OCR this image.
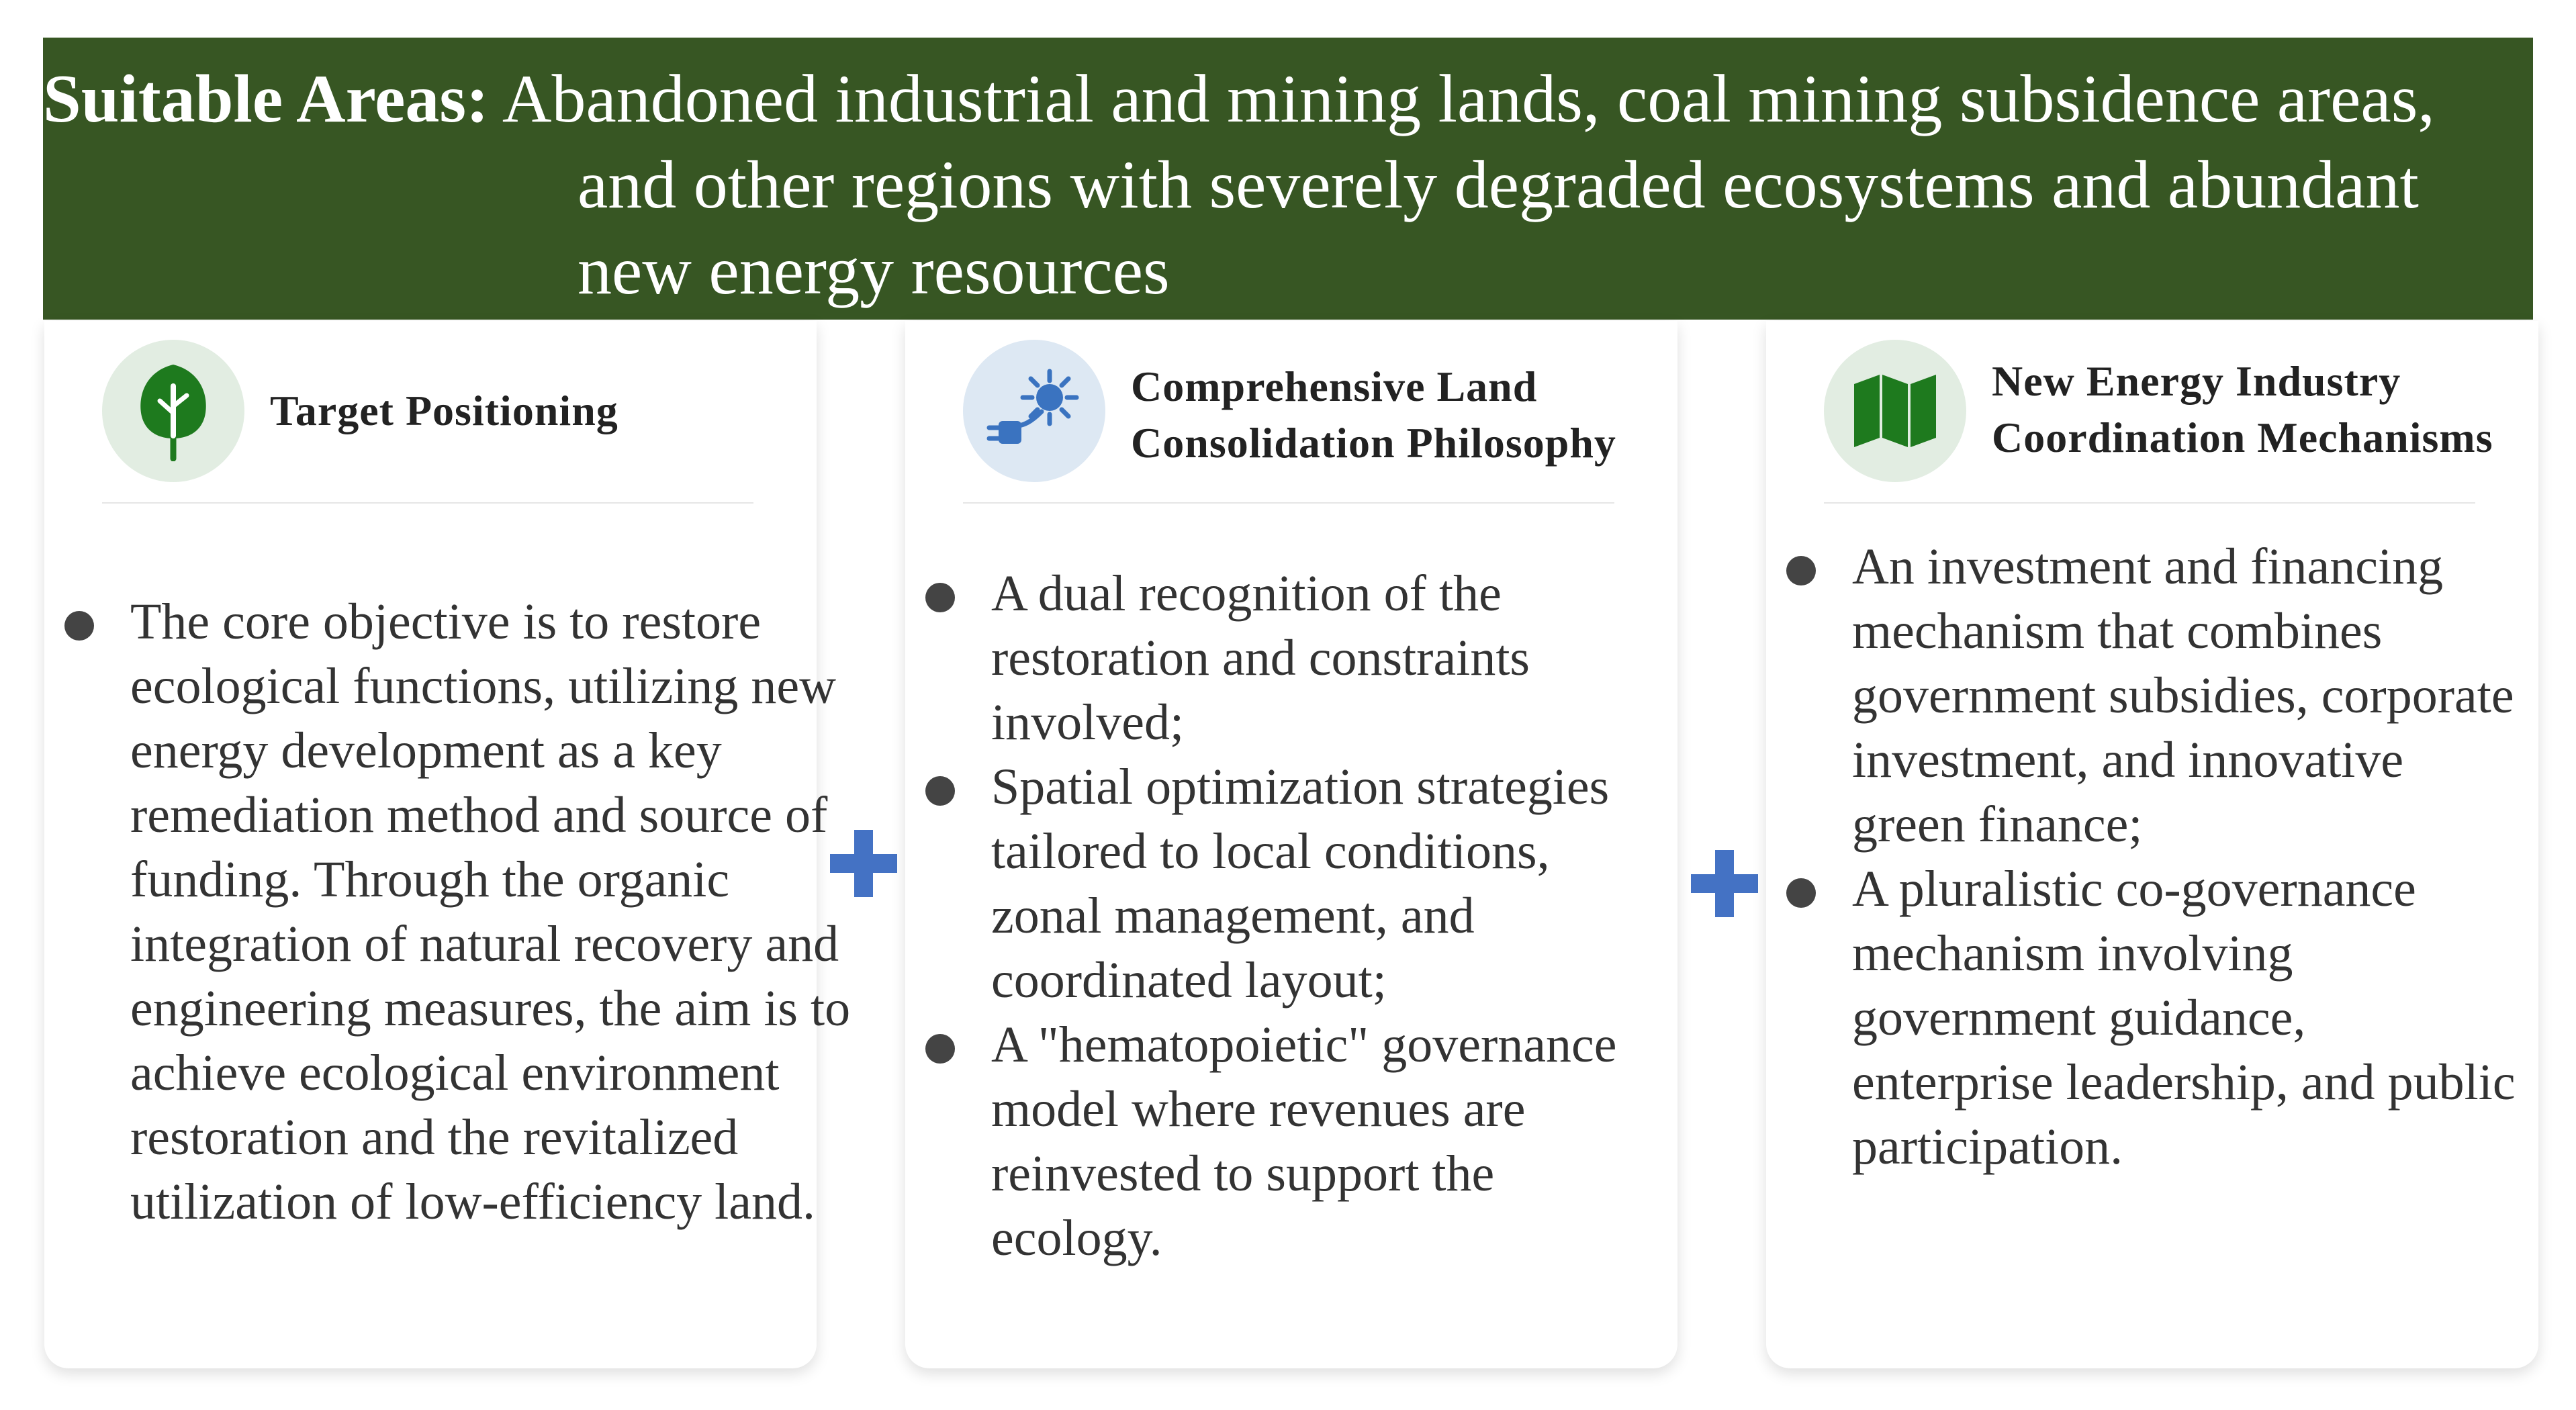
Suitable Areas: Abandoned industrial and mining lands, coal mining subsidence areas, and other regions with severely degraded ecosystems and abundant new energy resources
Target Positioning
The core objective is to restore ecological functions, utilizing new energy development as a key remediation method and source of funding. Through the organic integration of natural recovery and engineering measures, the aim is to achieve ecological environment restoration and the revitalized utilization of low-efficiency land.
Comprehensive Land
Consolidation Philosophy
A dual recognition of the restoration and constraints involved;
Spatial optimization strategies tailored to local conditions, zonal management, and coordinated layout;
A "hematopoietic" governance model where revenues are reinvested to support the ecology.
New Energy Industry
Coordination Mechanisms
An investment and financing mechanism that combines government subsidies, corporate investment, and innovative green finance;
A pluralistic co-governance mechanism involving government guidance, enterprise leadership, and public participation.
